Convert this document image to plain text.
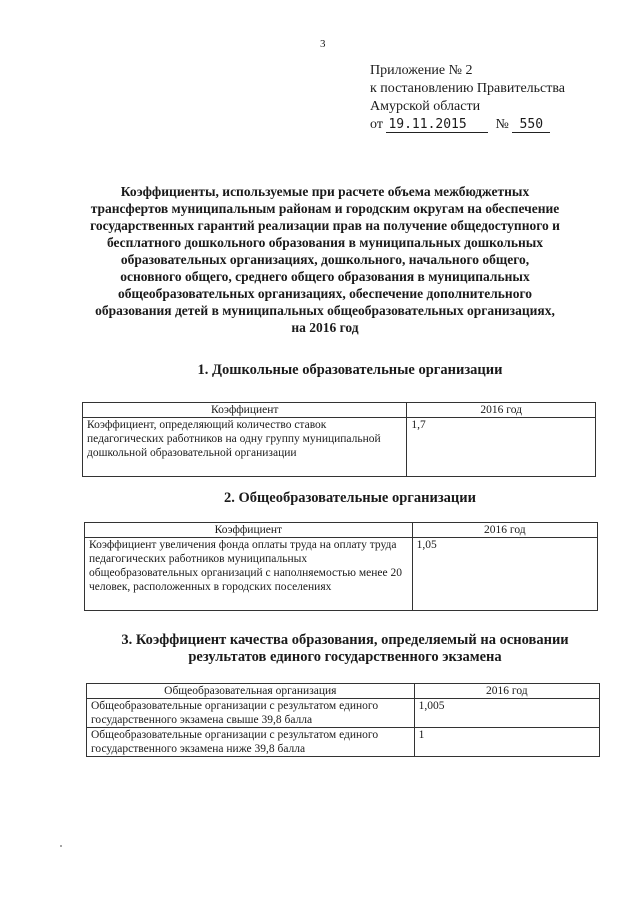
3
Приложение № 2
к постановлению Правительства
Амурской области
от 19.11.2015 № 550
Коэффициенты, используемые при расчете объема межбюджетных трансфертов муниципальным районам и городским округам на обеспечение государственных гарантий реализации прав на получение общедоступного и бесплатного дошкольного образования в муниципальных дошкольных образовательных организациях, дошкольного, начального общего, основного общего, среднего общего образования в муниципальных общеобразовательных организациях, обеспечение дополнительного образования детей в муниципальных общеобразовательных организациях, на 2016 год
1. Дошкольные образовательные организации
Коэффициент	2016 год
Коэффициент, определяющий количество ставок педагогических работников на одну группу муниципальной дошкольной образовательной организации	1,7
2. Общеобразовательные организации
Коэффициент	2016 год
Коэффициент увеличения фонда оплаты труда на оплату труда педагогических работников муниципальных общеобразовательных организаций с наполняемостью менее 20 человек, расположенных в городских поселениях	1,05
3. Коэффициент качества образования, определяемый на основании результатов единого государственного экзамена
Общеобразовательная организация	2016 год
Общеобразовательные организации с результатом единого государственного экзамена свыше 39,8 балла	1,005
Общеобразовательные организации с результатом единого государственного экзамена ниже 39,8 балла	1
